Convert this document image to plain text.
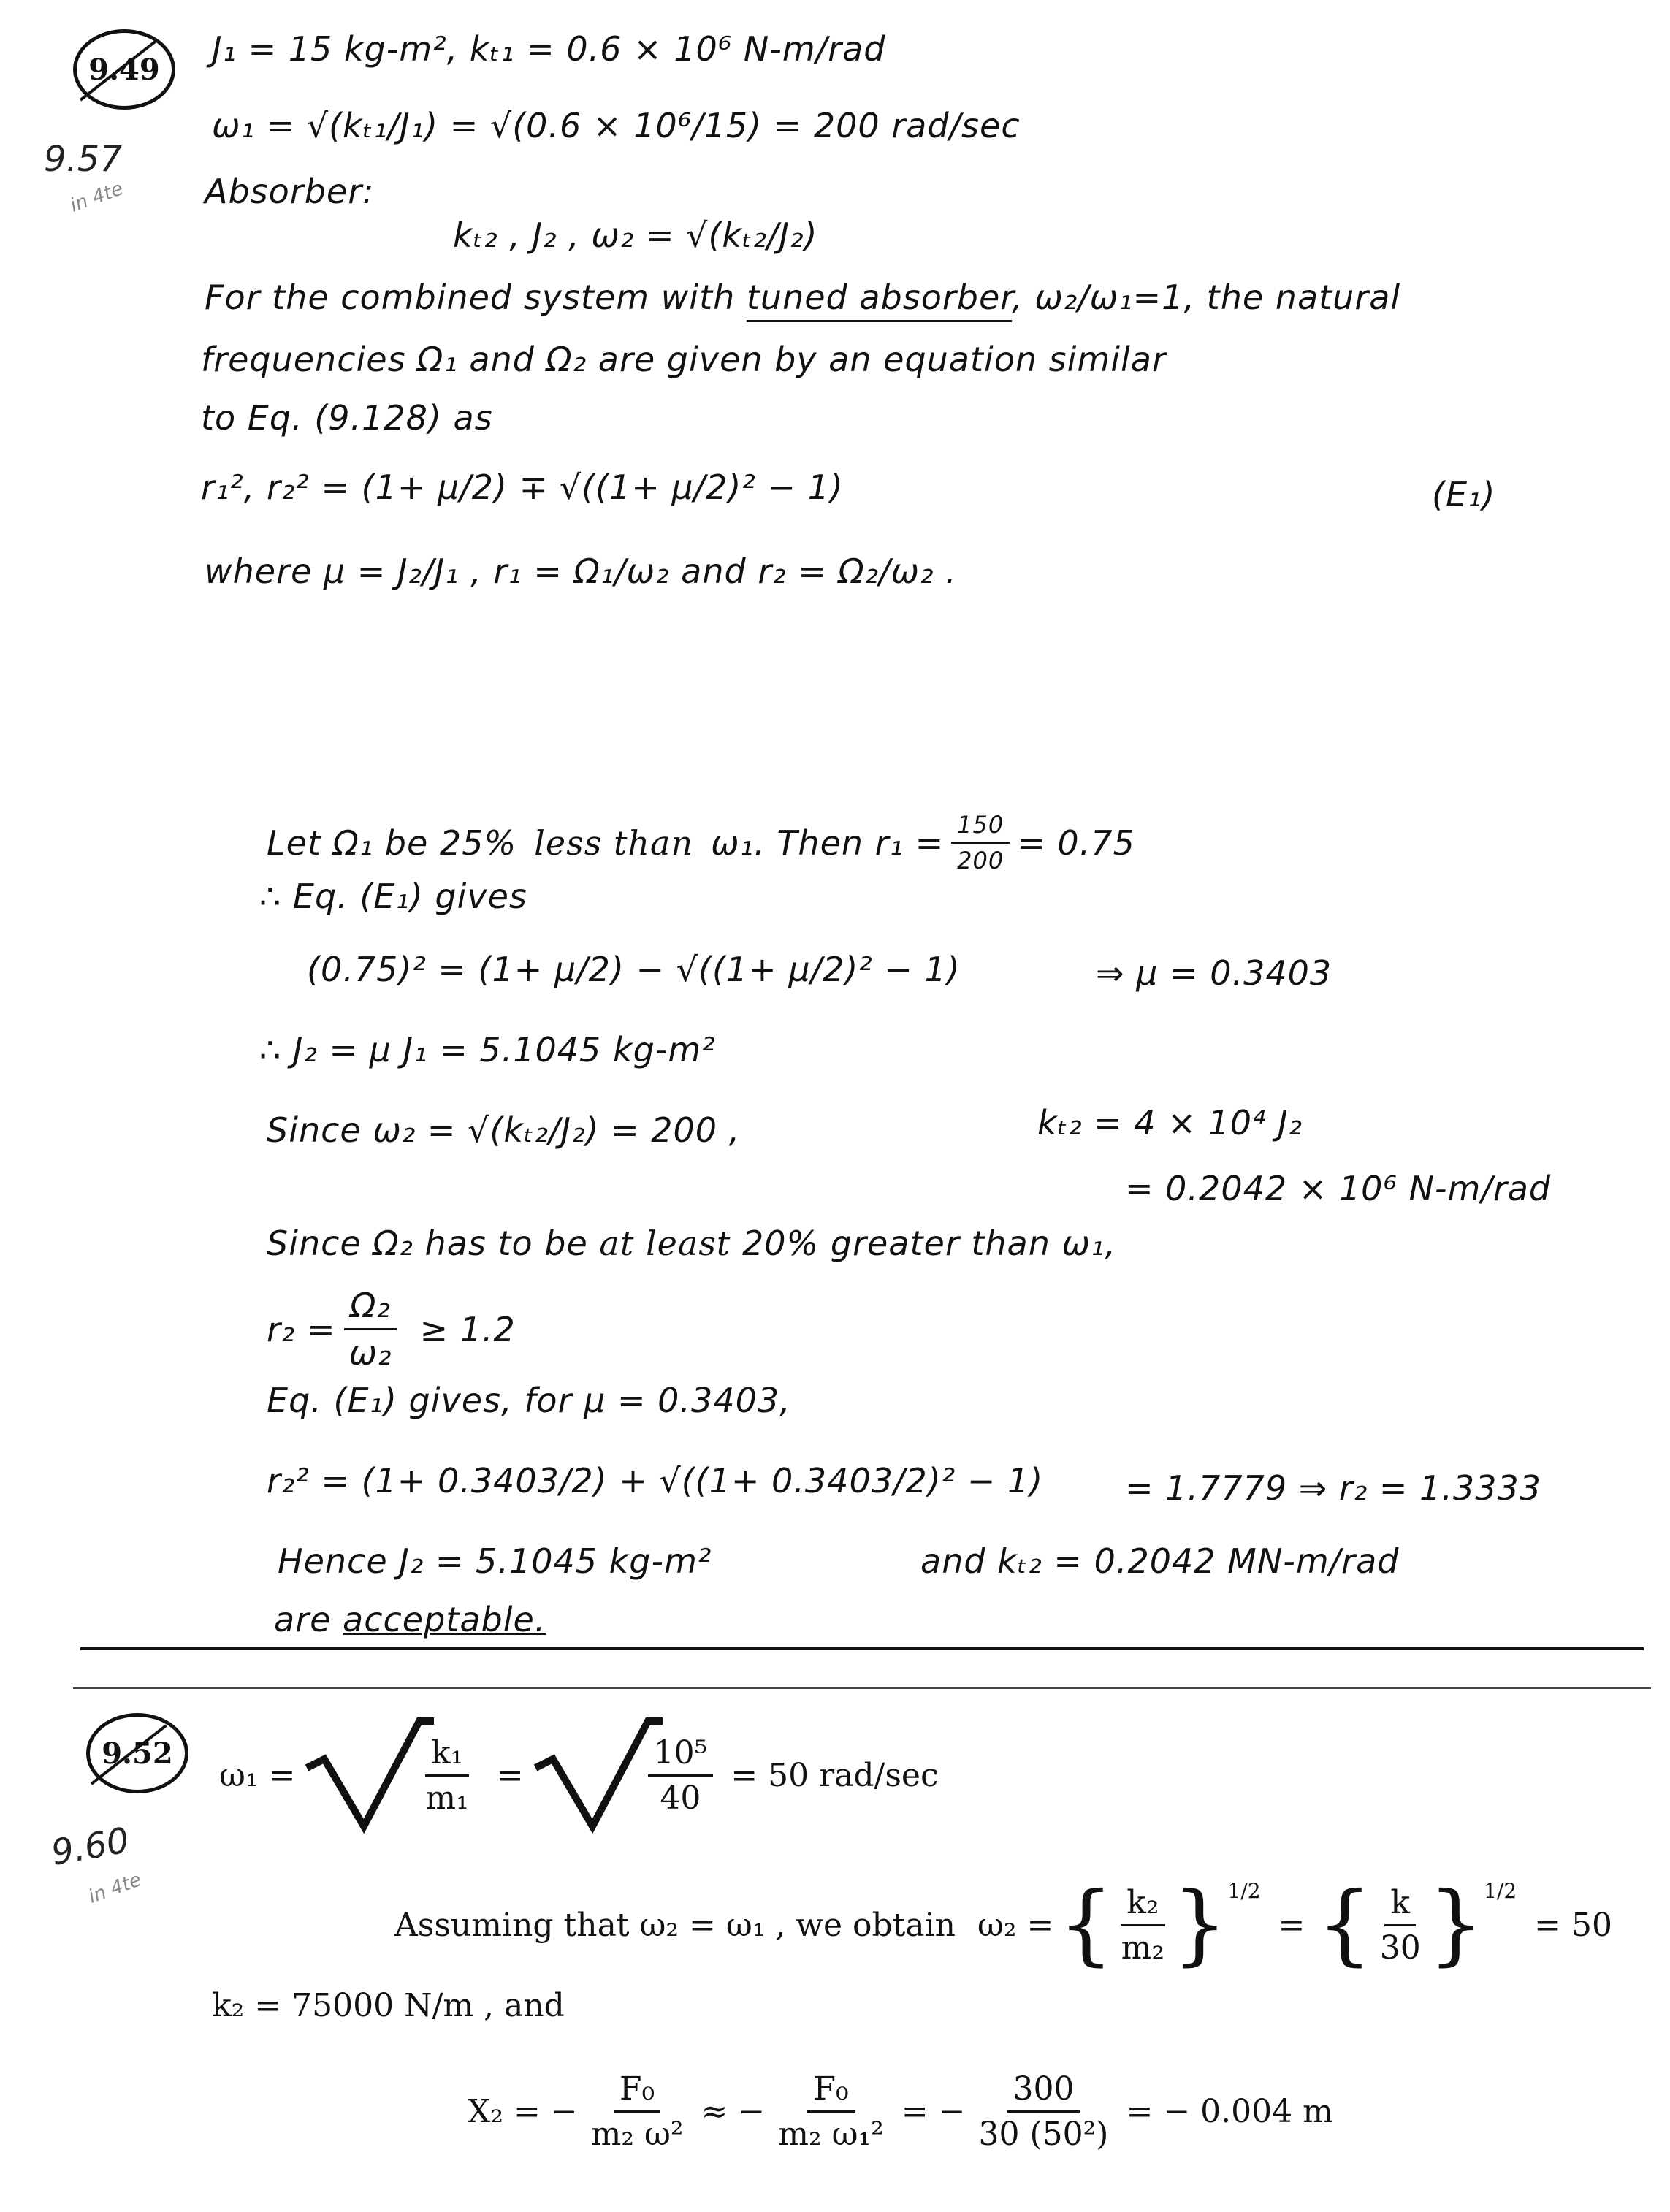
9.49
9.57
in 4te
J₁ = 15 kg-m², kₜ₁ = 0.6 × 10⁶ N-m/rad
ω₁ = √(kₜ₁/J₁) = √(0.6 × 10⁶/15) = 200 rad/sec
Absorber:
kₜ₂ , J₂ , ω₂ = √(kₜ₂/J₂)
For the combined system with tuned absorber, ω₂/ω₁=1, the natural
frequencies Ω₁ and Ω₂ are given by an equation similar
to Eq. (9.128) as
r₁², r₂² = (1+ μ/2) ∓ √((1+ μ/2)² − 1)	(E₁)
where μ = J₂/J₁ , r₁ = Ω₁/ω₂ and r₂ = Ω₂/ω₂ .
Let Ω₁ be 25% less than ω₁. Then $r_1 = \frac{150}{200} = 0.75$
∴ Eq. (E₁) gives
(0.75)² = (1+ μ/2) − √((1+ μ/2)² − 1)	⇒ μ = 0.3403
∴ J₂ = μ J₁ = 5.1045 kg-m²
Since ω₂ = √(kₜ₂/J₂) = 200 ,	kₜ₂ = 4 × 10⁴ J₂
= 0.2042 × 10⁶ N-m/rad
Since Ω₂ has to be at least 20% greater than ω₁,
$r_2 = \frac{\text{Ω₂}}{\text{ω₂}} \ge 1.2$
Eq. (E₁) gives, for μ = 0.3403,
r₂² = (1+ 0.3403/2) + √((1+ 0.3403/2)² − 1) = 1.7779 ⇒ r₂ = 1.3333
Hence J₂ = 5.1045 kg-m²	and kₜ₂ = 0.2042 MN-m/rad
are acceptable.
9.52
9.60
in 4te
ω₁ =	$\frac{\text{k₁}}{\text{m₁}}$ =	$\frac{\text{10⁵}}{40} = 50$ rad/sec
Assuming that ω₂ = ω₁ , we obtain ω₂ = { $\frac{\text{k₂}}{\text{m₂}}$ } 1/2
= { $\frac{k}{30}$ } 1/2
= 50
k₂ = 75000 N/m , and
X₂ = − $\frac{\text{F₀}}{\text{m₂ ω²}}$ ≈ − $\frac{\text{F₀}}{\text{m₂ ω₁²}}$ = − $\frac{300}{\text{30 (50²)}}$ = − 0.004 m
